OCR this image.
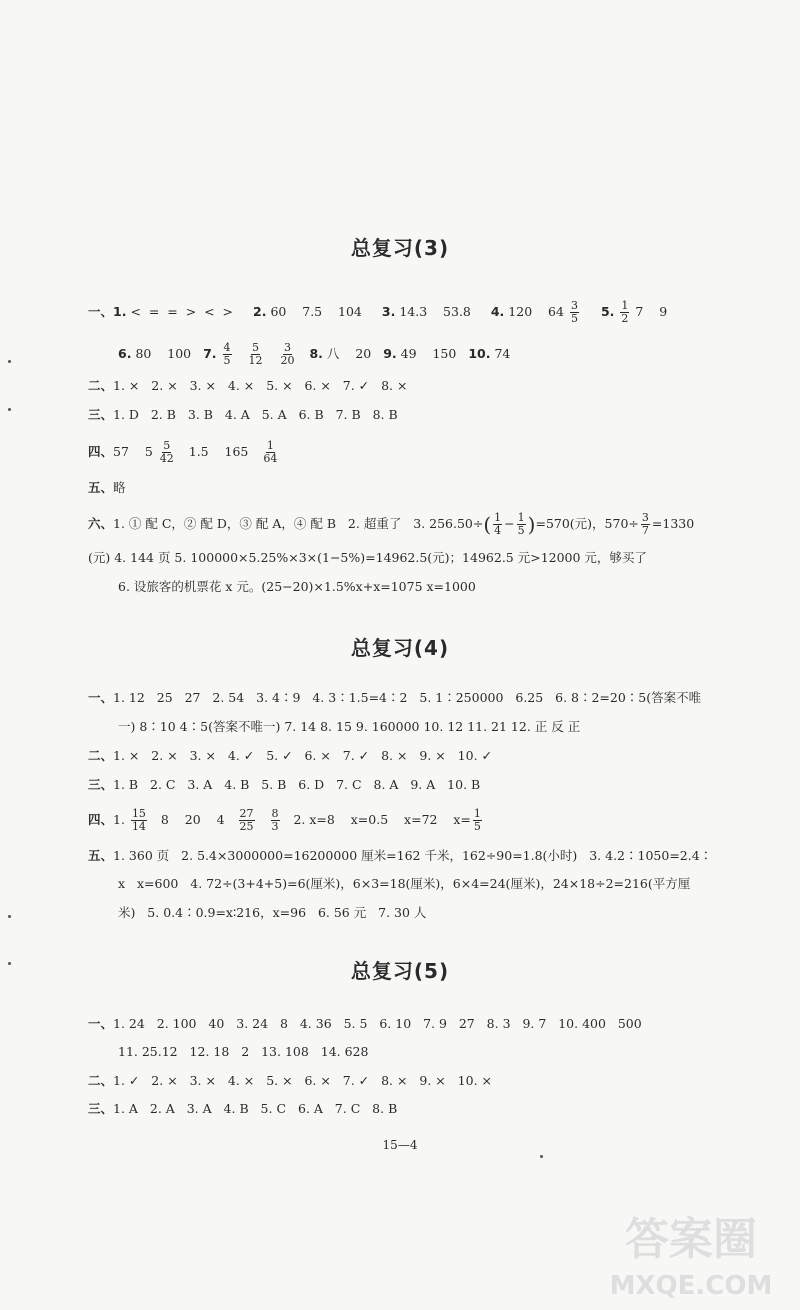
总复习(3)
一、1. <  =  =  >  <  > 2. 60    7.5    104 3. 14.3    53.8 4. 120    $64 \frac{3}{5} 5$. $\frac{1}{2} 7$    9
6. 80    100 7. $\frac{4}{5}$
$\frac{5}{12}$
$\frac{3}{20} 8$. 八    20 9. 49    150 10. 74
二、1. ×   2. ×   3. ×   4. ×   5. ×   6. ×   7. ✓   8. ×
三、1. D   2. B   3. B   4. A   5. A   6. B   7. B   8. B
四、57    $5 \frac{5}{42} 1.5$    $165 \frac{1}{64}$
五、略
六、1. ① 配 C，② 配 D，③ 配 A，④ 配 B   2. 超重了   3. $256.50\div( \frac{1}{4} - \frac{1}{5} )=570$(元)，$570\div \frac{3}{7} =1330$
(元) 4. 144 页 5. 100000×5.25%×3×(1−5%)=14962.5(元)；14962.5 元>12000 元，够买了
6. 设旅客的机票花 x 元。(25−20)×1.5%x+x=1075 x=1000
总复习(4)
一、1. 12   25   27   2. 54   3. 4∶9   4. 3∶1.5=4∶2   5. 1∶250000   6.25   6. 8∶2=20∶5(答案不唯
一) 8∶10 4∶5(答案不唯一) 7. 14 8. 15 9. 160000 10. 12 11. 21 12. 正 反 正
二、1. ×   2. ×   3. ×   4. ✓   5. ✓   6. ×   7. ✓   8. ×   9. ×   10. ✓
三、1. B   2. C   3. A   4. B   5. B   6. D   7. C   8. A   9. A   10. B
四、1. $\frac{15}{14} 8$    20    $4 \frac{27}{25}$
$\frac{8}{3} 2$. x=8    x=0.5    x=72    $x= \frac{1}{5}$
五、1. 360 页   2. 5.4×3000000=16200000 厘米=162 千米，162÷90=1.8(小时)   3. 4.2∶1050=2.4∶
x   x=600   4. 72÷(3+4+5)=6(厘米)，6×3=18(厘米)，6×4=24(厘米)，24×18÷2=216(平方厘
米)   5. 0.4∶0.9=x∶216，x=96   6. 56 元   7. 30 人
总复习(5)
一、1. 24   2. 100   40   3. 24   8   4. 36   5. 5   6. 10   7. 9   27   8. 3   9. 7   10. 400   500
11. 25.12   12. 18   2   13. 108   14. 628
二、1. ✓   2. ×   3. ×   4. ×   5. ×   6. ×   7. ✓   8. ×   9. ×   10. ×
三、1. A   2. A   3. A   4. B   5. C   6. A   7. C   8. B
15—4
答案圈
MXQE.COM
